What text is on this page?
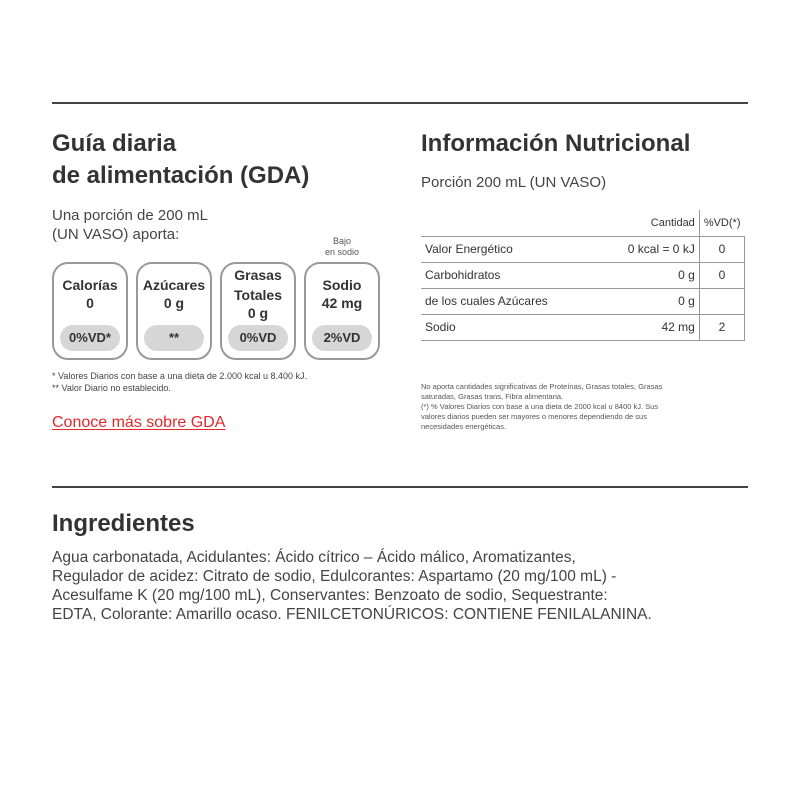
Guía diaria
de alimentación (GDA)

Una porción de 200 mL
(UN VASO) aporta:	Bajo
en sodio
Calorías
0
0%VD*
Azúcares
0 g
**
Grasas
Totales
0 g
0%VD
Sodio
42 mg
2%VD
* Valores Diarios con base a una dieta de 2.000 kcal u 8.400 kJ.
** Valor Diario no establecido.
Conoce más sobre GDA
Información Nutricional

Porción 200 mL (UN VASO)

	Cantidad	%VD(*)
Valor Energético	0 kcal = 0 kJ	0
Carbohidratos	0 g	0
de los cuales Azúcares	0 g	
Sodio	42 mg	2
No aporta cantidades significativas de Proteínas, Grasas totales, Grasas
saturadas, Grasas trans, Fibra alimentaria.
(*) % Valores Diarios con base a una dieta de 2000 kcal u 8400 kJ. Sus
valores diarios pueden ser mayores o menores dependiendo de sus
necesidades energéticas.
Ingredientes
Agua carbonatada, Acidulantes: Ácido cítrico – Ácido málico, Aromatizantes,
Regulador de acidez: Citrato de sodio, Edulcorantes: Aspartamo (20 mg/100 mL) -
Acesulfame K (20 mg/100 mL), Conservantes: Benzoato de sodio, Sequestrante:
EDTA, Colorante: Amarillo ocaso. FENILCETONÚRICOS: CONTIENE FENILALANINA.
